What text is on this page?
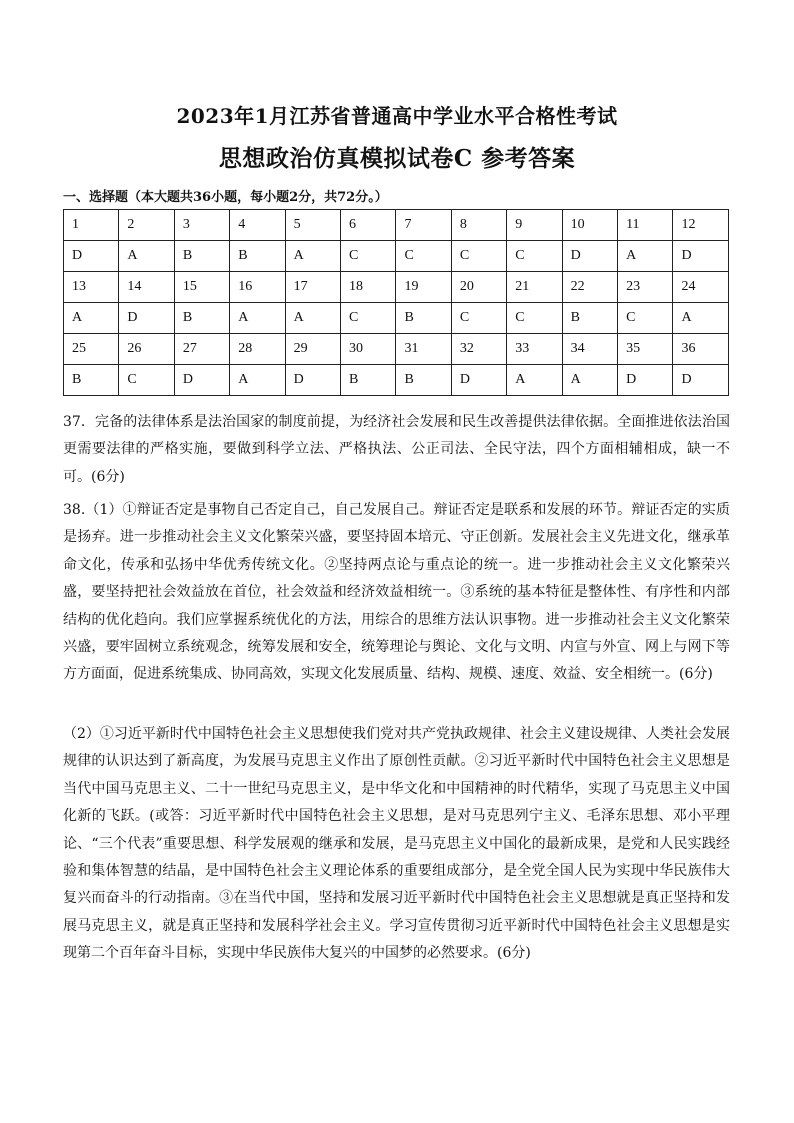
2023年1月江苏省普通高中学业水平合格性考试
思想政治仿真模拟试卷C 参考答案
一、选择题（本大题共36小题，每小题2分，共72分。）
1	2	3	4	5	6	7	8	9	10	11	12
D	A	B	B	A	C	C	C	C	D	A	D
13	14	15	16	17	18	19	20	21	22	23	24
A	D	B	A	A	C	B	C	C	B	C	A
25	26	27	28	29	30	31	32	33	34	35	36
B	C	D	A	D	B	B	D	A	A	D	D
37．完备的法律体系是法治国家的制度前提，为经济社会发展和民生改善提供法律依据。全面推进依法治国更需要法律的严格实施，要做到科学立法、严格执法、公正司法、全民守法，四个方面相辅相成，缺一不可。(6分)
38.（1）①辩证否定是事物自己否定自己，自己发展自己。辩证否定是联系和发展的环节。辩证否定的实质是扬弃。进一步推动社会主义文化繁荣兴盛，要坚持固本培元、守正创新。发展社会主义先进文化，继承革命文化，传承和弘扬中华优秀传统文化。②坚持两点论与重点论的统一。进一步推动社会主义文化繁荣兴盛，要坚持把社会效益放在首位，社会效益和经济效益相统一。③系统的基本特征是整体性、有序性和内部结构的优化趋向。我们应掌握系统优化的方法，用综合的思维方法认识事物。进一步推动社会主义文化繁荣兴盛，要牢固树立系统观念，统筹发展和安全，统筹理论与舆论、文化与文明、内宣与外宣、网上与网下等方方面面，促进系统集成、协同高效，实现文化发展质量、结构、规模、速度、效益、安全相统一。(6分)
（2）①习近平新时代中国特色社会主义思想使我们党对共产党执政规律、社会主义建设规律、人类社会发展规律的认识达到了新高度，为发展马克思主义作出了原创性贡献。②习近平新时代中国特色社会主义思想是当代中国马克思主义、二十一世纪马克思主义，是中华文化和中国精神的时代精华，实现了马克思主义中国化新的飞跃。(或答：习近平新时代中国特色社会主义思想，是对马克思列宁主义、毛泽东思想、邓小平理论、“三个代表”重要思想、科学发展观的继承和发展，是马克思主义中国化的最新成果，是党和人民实践经验和集体智慧的结晶，是中国特色社会主义理论体系的重要组成部分，是全党全国人民为实现中华民族伟大复兴而奋斗的行动指南。③在当代中国，坚持和发展习近平新时代中国特色社会主义思想就是真正坚持和发展马克思主义，就是真正坚持和发展科学社会主义。学习宣传贯彻习近平新时代中国特色社会主义思想是实现第二个百年奋斗目标，实现中华民族伟大复兴的中国梦的必然要求。(6分)
